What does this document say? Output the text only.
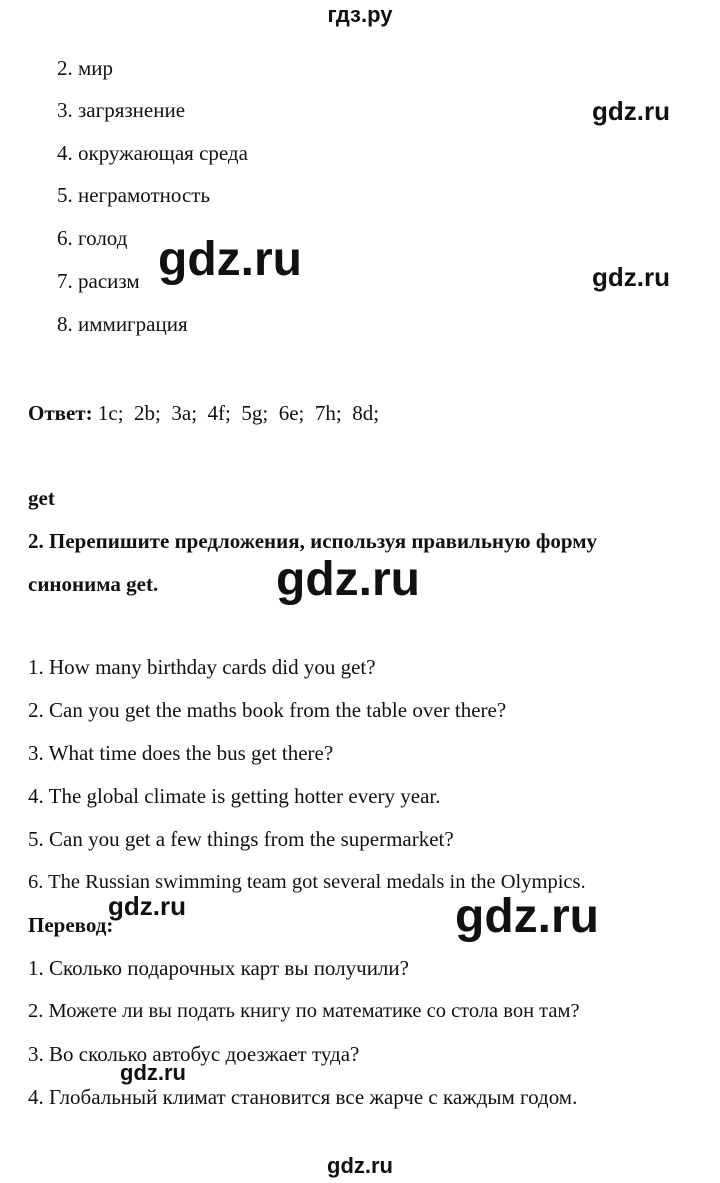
гдз.ру
2. мир
3. загрязнение
4. окружающая среда
5. неграмотность
6. голод
7. расизм
8. иммиграция
Ответ: 1c; 2b; 3a; 4f; 5g; 6e; 7h; 8d;
get
2. Перепишите предложения, используя правильную форму
синонима get.
1. How many birthday cards did you get?
2. Can you get the maths book from the table over there?
3. What time does the bus get there?
4. The global climate is getting hotter every year.
5. Can you get a few things from the supermarket?
6. The Russian swimming team got several medals in the Olympics.
Перевод:
1. Сколько подарочных карт вы получили?
2. Можете ли вы подать книгу по математике со стола вон там?
3. Во сколько автобус доезжает туда?
4. Глобальный климат становится все жарче с каждым годом.
gdz.ru
gdz.ru	gdz.ru
gdz.ru
gdz.ru	gdz.ru
gdz.ru
gdz.ru
